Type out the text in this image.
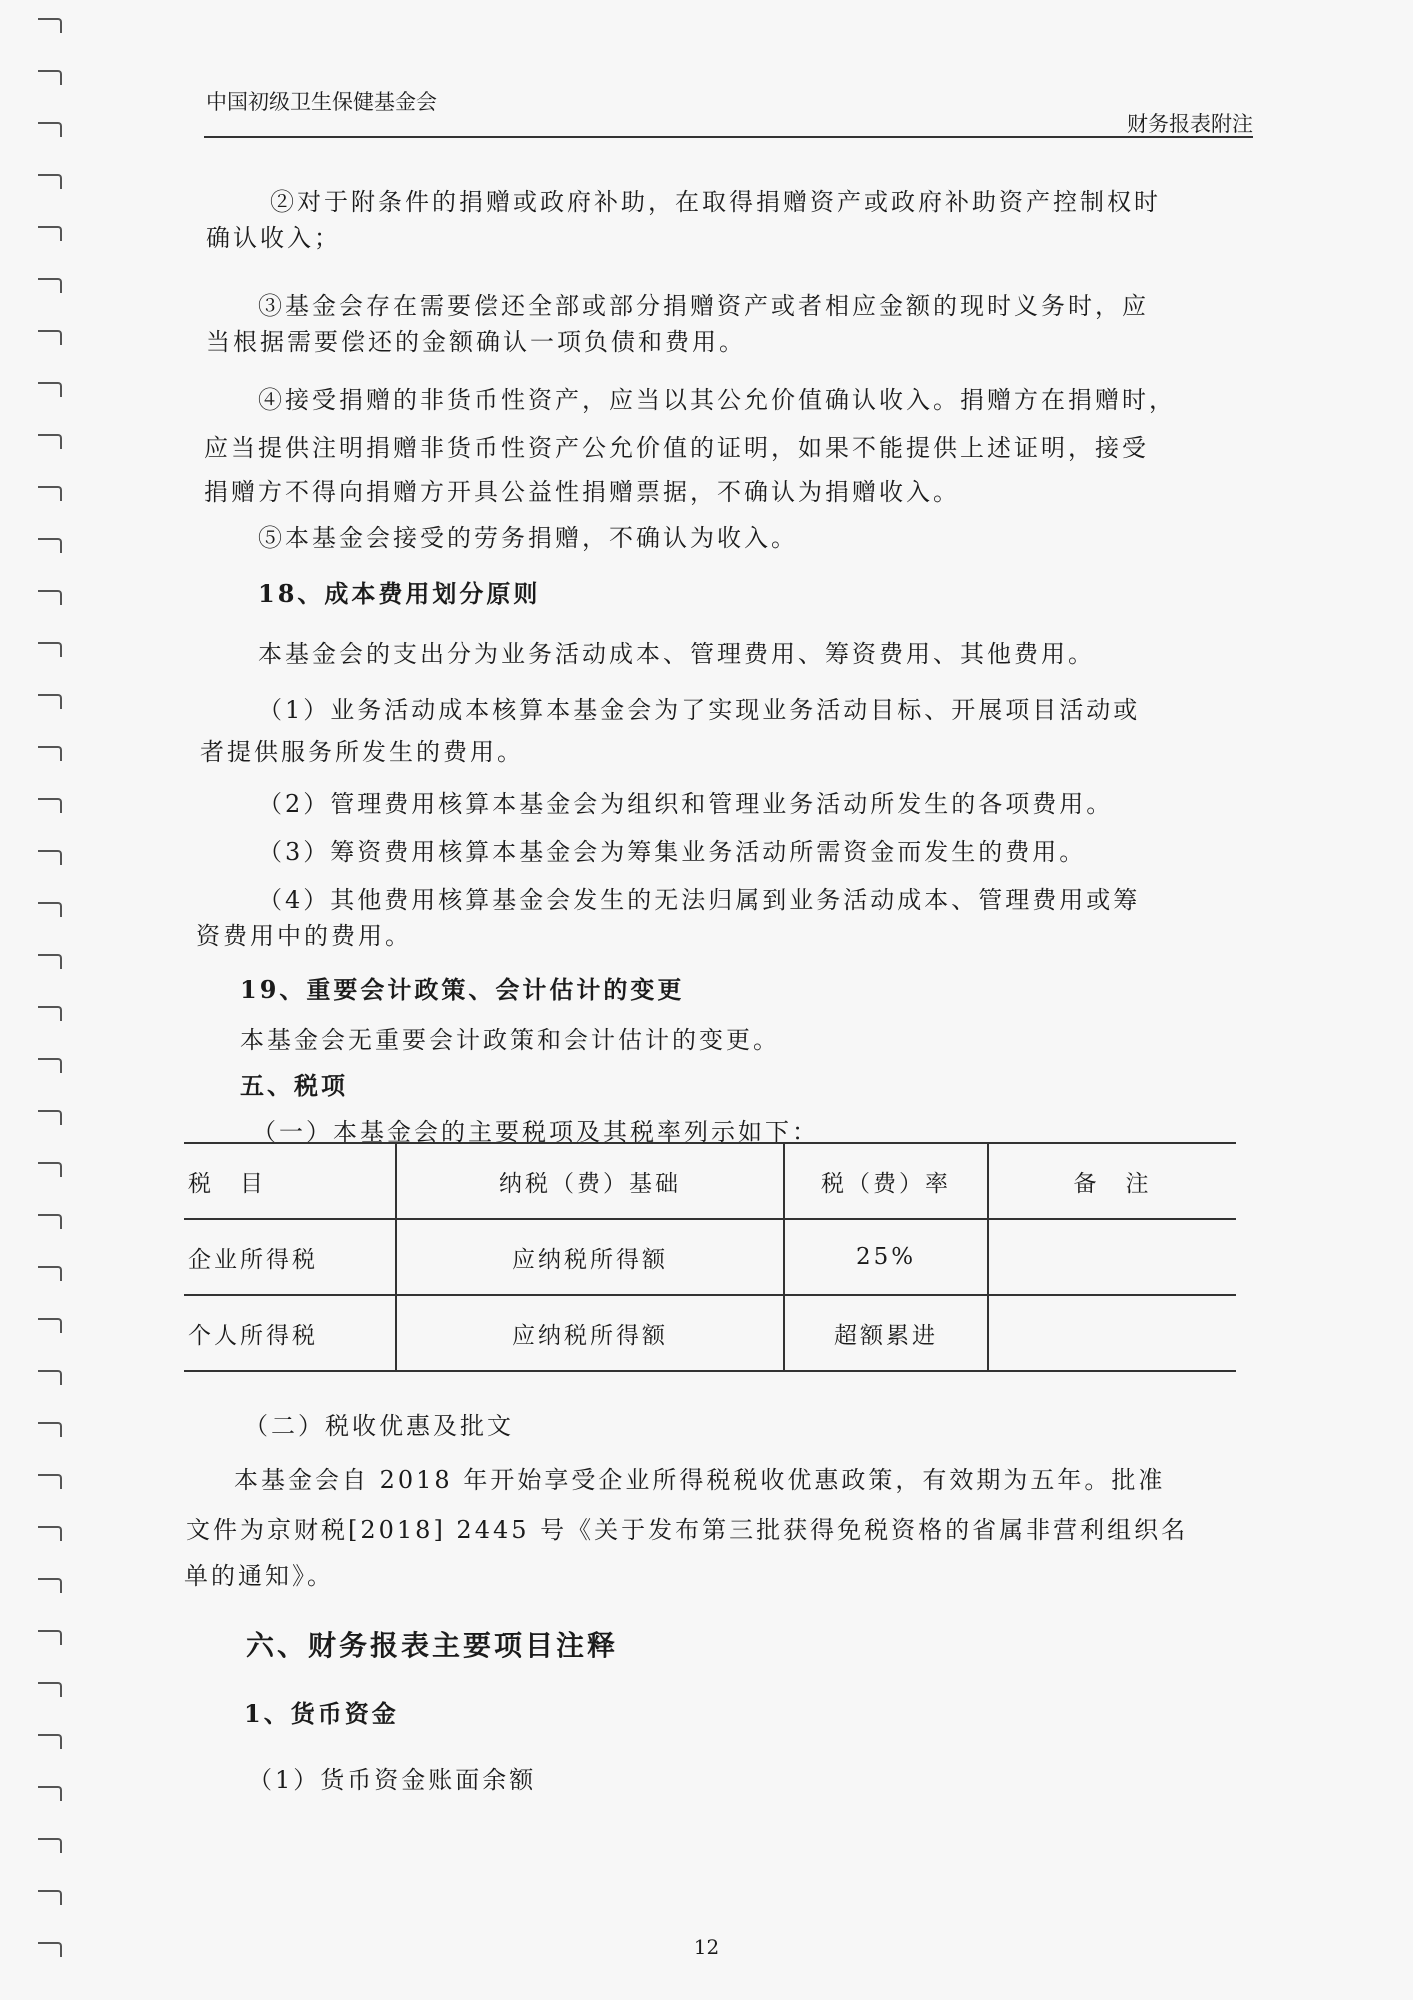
中国初级卫生保健基金会
财务报表附注
②对于附条件的捐赠或政府补助，在取得捐赠资产或政府补助资产控制权时
确认收入；
③基金会存在需要偿还全部或部分捐赠资产或者相应金额的现时义务时，应
当根据需要偿还的金额确认一项负债和费用。
④接受捐赠的非货币性资产，应当以其公允价值确认收入。捐赠方在捐赠时，
应当提供注明捐赠非货币性资产公允价值的证明，如果不能提供上述证明，接受
捐赠方不得向捐赠方开具公益性捐赠票据，不确认为捐赠收入。
⑤本基金会接受的劳务捐赠，不确认为收入。
18、成本费用划分原则
本基金会的支出分为业务活动成本、管理费用、筹资费用、其他费用。
（1）业务活动成本核算本基金会为了实现业务活动目标、开展项目活动或
者提供服务所发生的费用。
（2）管理费用核算本基金会为组织和管理业务活动所发生的各项费用。
（3）筹资费用核算本基金会为筹集业务活动所需资金而发生的费用。
（4）其他费用核算基金会发生的无法归属到业务活动成本、管理费用或筹
资费用中的费用。
19、重要会计政策、会计估计的变更
本基金会无重要会计政策和会计估计的变更。
五、税项
（一）本基金会的主要税项及其税率列示如下：
税　目	纳税（费）基础	税（费）率	备　注
企业所得税	应纳税所得额	25%	
个人所得税	应纳税所得额	超额累进	
（二）税收优惠及批文
本基金会自 2018 年开始享受企业所得税税收优惠政策，有效期为五年。批准
文件为京财税[2018] 2445 号《关于发布第三批获得免税资格的省属非营利组织名
单的通知》。
六、财务报表主要项目注释
1、货币资金
（1）货币资金账面余额
12
